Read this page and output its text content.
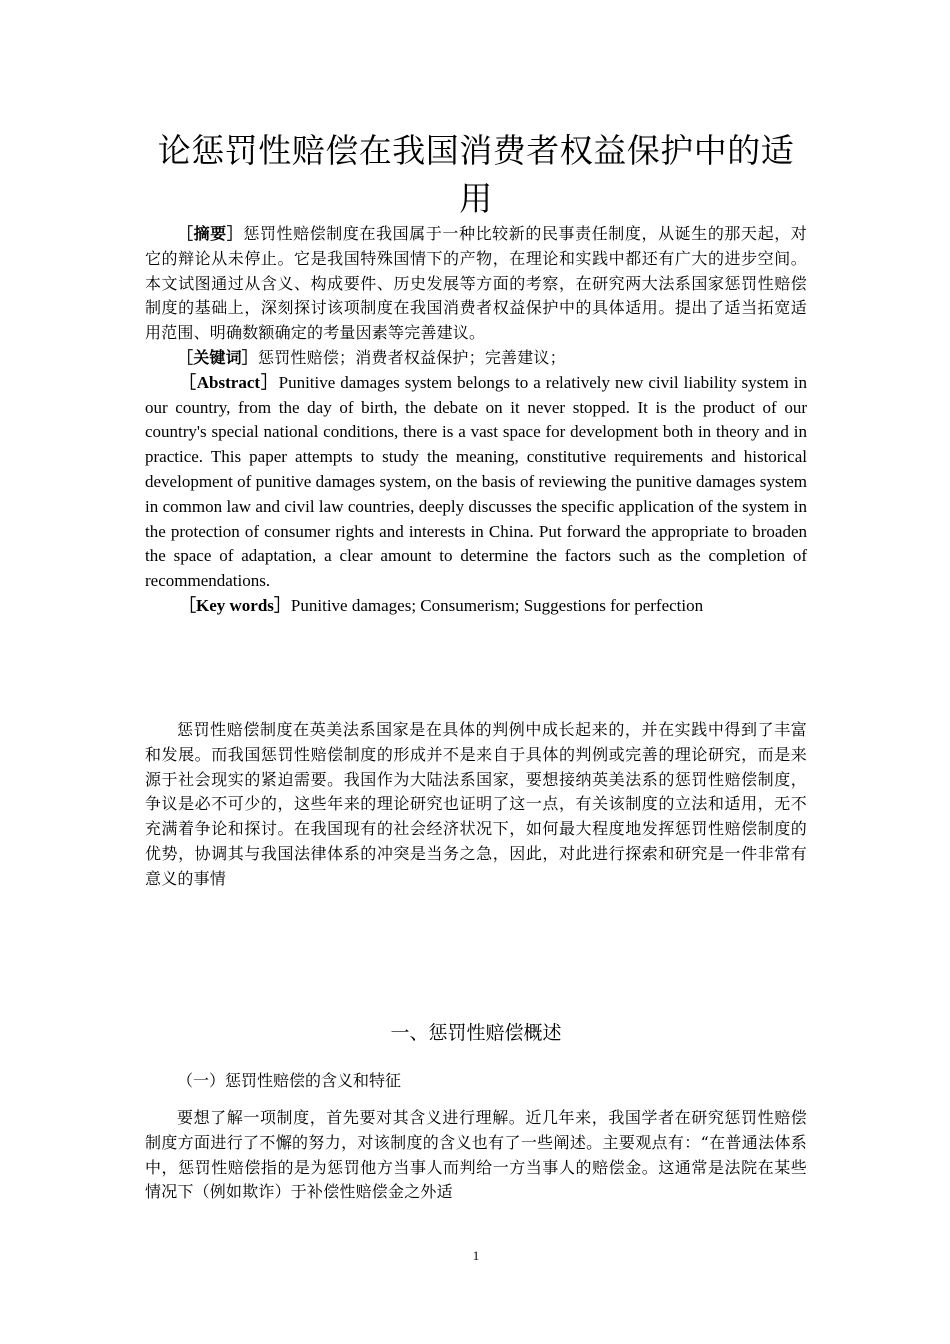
论惩罚性赔偿在我国消费者权益保护中的适用

［摘要］惩罚性赔偿制度在我国属于一种比较新的民事责任制度，从诞生的那天起，对它的辩论从未停止。它是我国特殊国情下的产物，在理论和实践中都还有广大的进步空间。本文试图通过从含义、构成要件、历史发展等方面的考察，在研究两大法系国家惩罚性赔偿制度的基础上，深刻探讨该项制度在我国消费者权益保护中的具体适用。提出了适当拓宽适用范围、明确数额确定的考量因素等完善建议。

［关键词］惩罚性赔偿；消费者权益保护；完善建议；

［Abstract］Punitive damages system belongs to a relatively new civil liability system in our country, from the day of birth, the debate on it never stopped. It is the product of our country's special national conditions, there is a vast space for development both in theory and in practice. This paper attempts to study the meaning, constitutive requirements and historical development of punitive damages system, on the basis of reviewing the punitive damages system in common law and civil law countries, deeply discusses the specific application of the system in the protection of consumer rights and interests in China. Put forward the appropriate to broaden the space of adaptation, a clear amount to determine the factors such as the completion of recommendations.

［Key words］Punitive damages; Consumerism; Suggestions for perfection

惩罚性赔偿制度在英美法系国家是在具体的判例中成长起来的，并在实践中得到了丰富和发展。而我国惩罚性赔偿制度的形成并不是来自于具体的判例或完善的理论研究，而是来源于社会现实的紧迫需要。我国作为大陆法系国家，要想接纳英美法系的惩罚性赔偿制度，争议是必不可少的，这些年来的理论研究也证明了这一点，有关该制度的立法和适用，无不充满着争论和探讨。在我国现有的社会经济状况下，如何最大程度地发挥惩罚性赔偿制度的优势，协调其与我国法律体系的冲突是当务之急，因此，对此进行探索和研究是一件非常有意义的事情

一、惩罚性赔偿概述
（一）惩罚性赔偿的含义和特征

要想了解一项制度，首先要对其含义进行理解。近几年来，我国学者在研究惩罚性赔偿制度方面进行了不懈的努力，对该制度的含义也有了一些阐述。主要观点有：“在普通法体系中，惩罚性赔偿指的是为惩罚他方当事人而判给一方当事人的赔偿金。这通常是法院在某些情况下（例如欺诈）于补偿性赔偿金之外适

1
